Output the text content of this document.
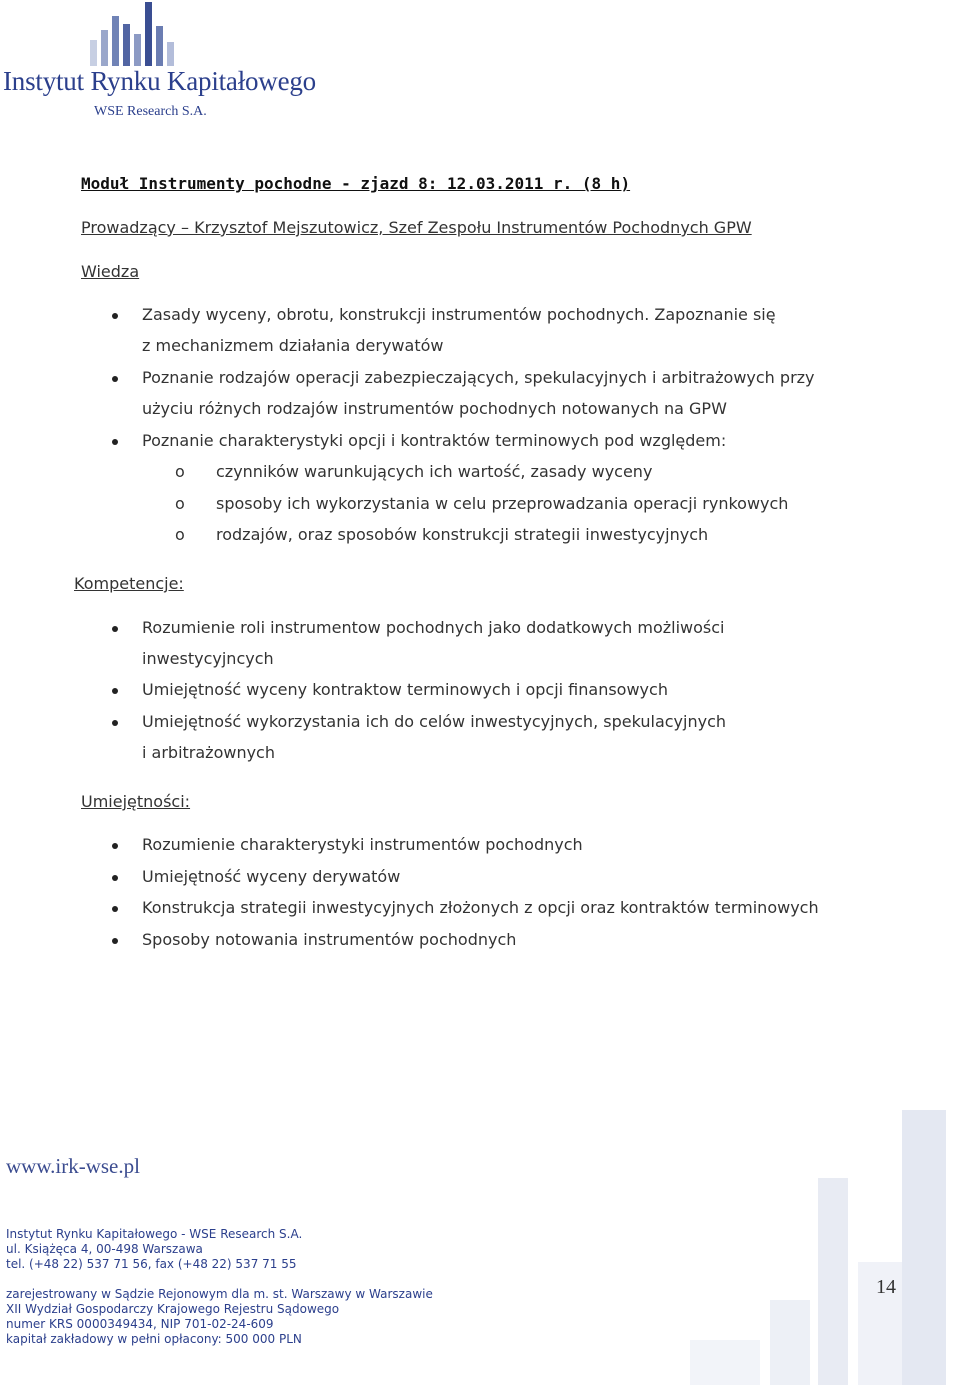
Instytut Rynku Kapitałowego
WSE Research S.A.
Moduł Instrumenty pochodne - zjazd 8: 12.03.2011 r. (8 h)
Prowadzący – Krzysztof Mejszutowicz, Szef Zespołu Instrumentów Pochodnych GPW
Wiedza
Zasady wyceny, obrotu, konstrukcji instrumentów pochodnych. Zapoznanie się
z mechanizmem działania derywatów
Poznanie rodzajów operacji zabezpieczających, spekulacyjnych i arbitrażowych przy
użyciu różnych rodzajów instrumentów pochodnych notowanych na GPW
Poznanie charakterystyki opcji i kontraktów terminowych pod względem:
o czynników warunkujących ich wartość, zasady wyceny
o sposoby ich wykorzystania w celu przeprowadzania operacji rynkowych
o rodzajów, oraz sposobów konstrukcji strategii inwestycyjnych
Kompetencje:
Rozumienie roli instrumentow pochodnych jako dodatkowych możliwości
inwestycyjncych
Umiejętność wyceny kontraktow terminowych i opcji finansowych
Umiejętność wykorzystania ich do celów inwestycyjnych, spekulacyjnych
i arbitrażownych
Umiejętności:
Rozumienie charakterystyki instrumentów pochodnych
Umiejętność wyceny derywatów
Konstrukcja strategii inwestycyjnych złożonych z opcji oraz kontraktów terminowych
Sposoby notowania instrumentów pochodnych
www.irk-wse.pl
Instytut Rynku Kapitałowego - WSE Research S.A.
ul. Książęca 4, 00-498 Warszawa
tel. (+48 22) 537 71 56, fax (+48 22) 537 71 55
zarejestrowany w Sądzie Rejonowym dla m. st. Warszawy w Warszawie
XII Wydział Gospodarczy Krajowego Rejestru Sądowego
numer KRS 0000349434, NIP 701-02-24-609
kapitał zakładowy w pełni opłacony: 500 000 PLN
14
